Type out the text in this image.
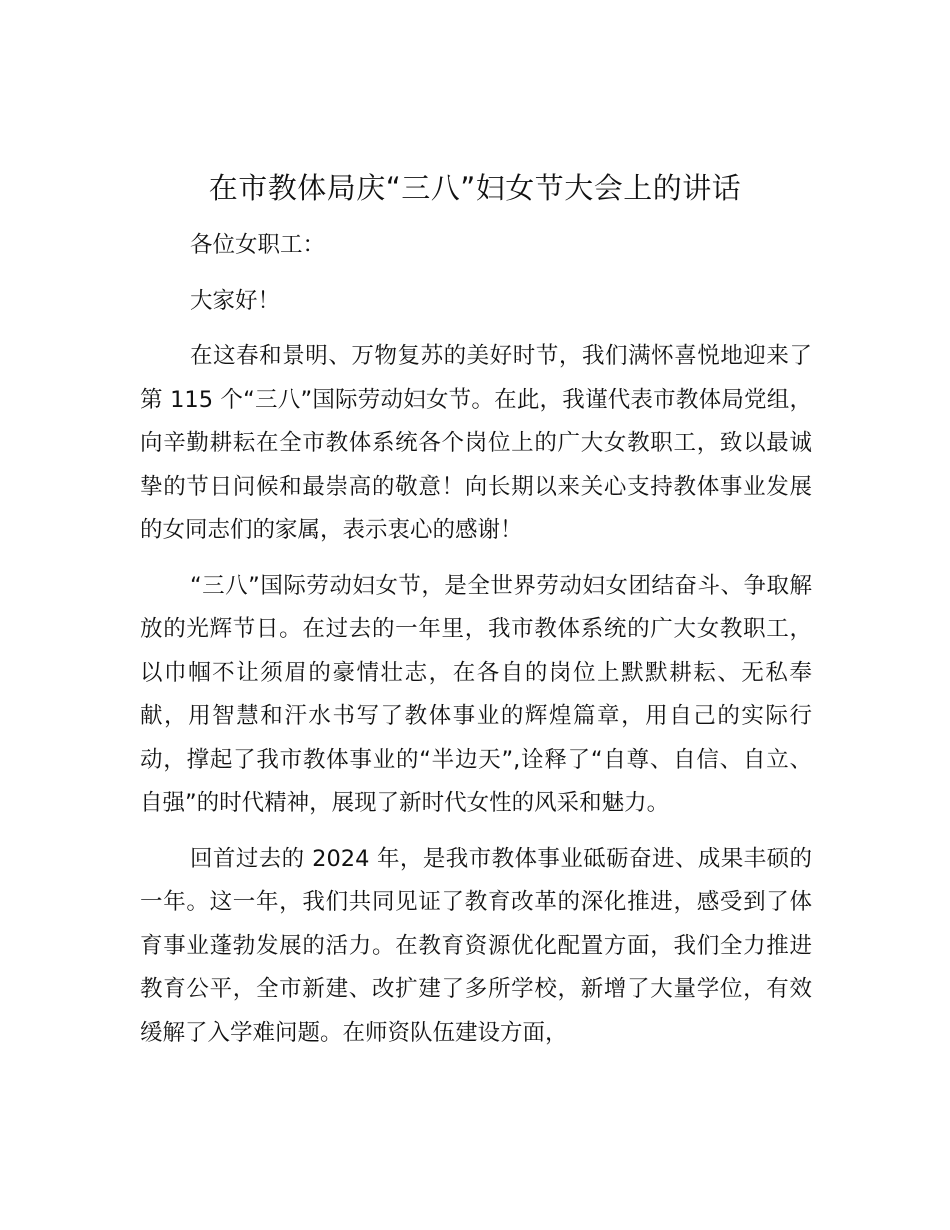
在市教体局庆“三八”妇女节大会上的讲话

各位女职工：

大家好！

在这春和景明、万物复苏的美好时节，我们满怀喜悦地迎来了第 115 个“三八”国际劳动妇女节。在此，我谨代表市教体局党组，向辛勤耕耘在全市教体系统各个岗位上的广大女教职工，致以最诚挚的节日问候和最崇高的敬意！向长期以来关心支持教体事业发展的女同志们的家属，表示衷心的感谢！

“三八”国际劳动妇女节，是全世界劳动妇女团结奋斗、争取解放的光辉节日。在过去的一年里，我市教体系统的广大女教职工，以巾帼不让须眉的豪情壮志，在各自的岗位上默默耕耘、无私奉献，用智慧和汗水书写了教体事业的辉煌篇章，用自己的实际行动，撑起了我市教体事业的“半边天”,诠释了“自尊、自信、自立、自强”的时代精神，展现了新时代女性的风采和魅力。

回首过去的 2024 年，是我市教体事业砥砺奋进、成果丰硕的一年。这一年，我们共同见证了教育改革的深化推进，感受到了体育事业蓬勃发展的活力。在教育资源优化配置方面，我们全力推进教育公平，全市新建、改扩建了多所学校，新增了大量学位，有效缓解了入学难问题。在师资队伍建设方面，
